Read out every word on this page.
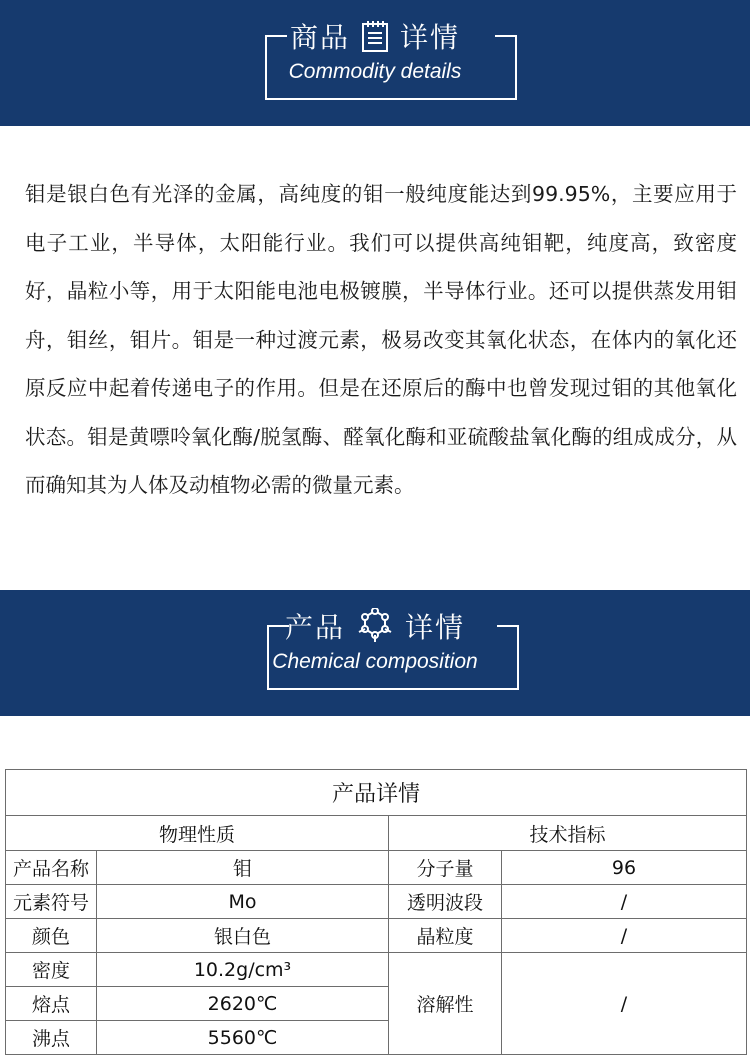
商品 详情
Commodity details
钼是银白色有光泽的金属，高纯度的钼一般纯度能达到99.95%，主要应用于电子工业，半导体，太阳能行业。我们可以提供高纯钼靶，纯度高，致密度好，晶粒小等，用于太阳能电池电极镀膜，半导体行业。还可以提供蒸发用钼舟，钼丝，钼片。钼是一种过渡元素，极易改变其氧化状态，在体内的氧化还原反应中起着传递电子的作用。但是在还原后的酶中也曾发现过钼的其他氧化状态。钼是黄嘌呤氧化酶/脱氢酶、醛氧化酶和亚硫酸盐氧化酶的组成成分，从而确知其为人体及动植物必需的微量元素。
产品 详情
Chemical composition
产品详情			
物理性质		技术指标	
产品名称	钼	分子量	96
元素符号	Mo	透明波段	/
颜色	银白色	晶粒度	/
密度	10.2g/cm³	溶解性	/
熔点	2620℃		
沸点	5560℃		
